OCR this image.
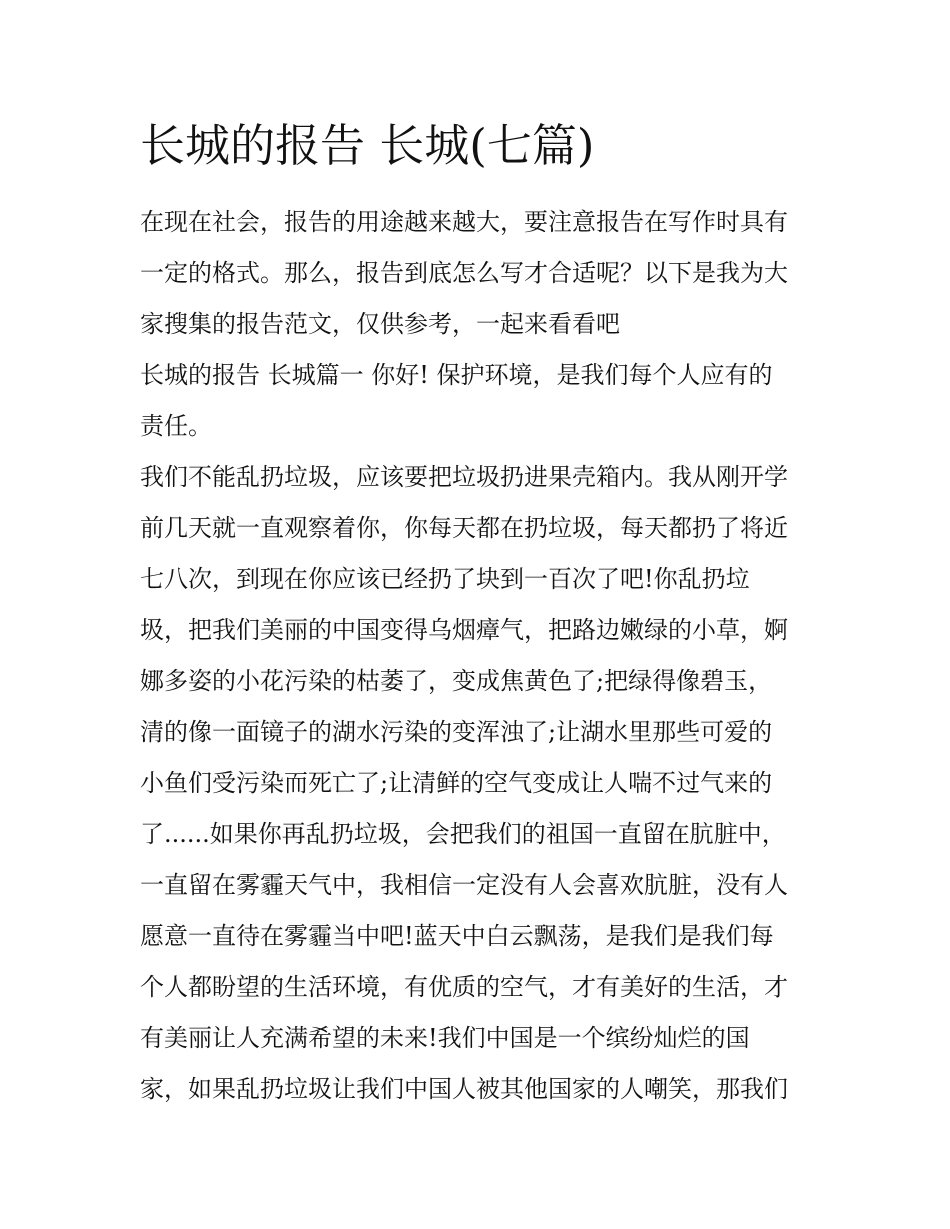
长城的报告 长城(七篇)

在现在社会，报告的用途越来越大，要注意报告在写作时具有

一定的格式。那么，报告到底怎么写才合适呢？以下是我为大

家搜集的报告范文，仅供参考，一起来看看吧

长城的报告 长城篇一 你好! 保护环境，是我们每个人应有的

责任。

我们不能乱扔垃圾，应该要把垃圾扔进果壳箱内。我从刚开学

前几天就一直观察着你，你每天都在扔垃圾，每天都扔了将近

七八次，到现在你应该已经扔了块到一百次了吧!你乱扔垃

圾，把我们美丽的中国变得乌烟瘴气，把路边嫩绿的小草，婀

娜多姿的小花污染的枯萎了，变成焦黄色了;把绿得像碧玉，

清的像一面镜子的湖水污染的变浑浊了;让湖水里那些可爱的

小鱼们受污染而死亡了;让清鲜的空气变成让人喘不过气来的

了......如果你再乱扔垃圾，会把我们的祖国一直留在肮脏中，

一直留在雾霾天气中，我相信一定没有人会喜欢肮脏，没有人

愿意一直待在雾霾当中吧!蓝天中白云飘荡，是我们是我们每

个人都盼望的生活环境，有优质的空气，才有美好的生活，才

有美丽让人充满希望的未来!我们中国是一个缤纷灿烂的国

家，如果乱扔垃圾让我们中国人被其他国家的人嘲笑，那我们
